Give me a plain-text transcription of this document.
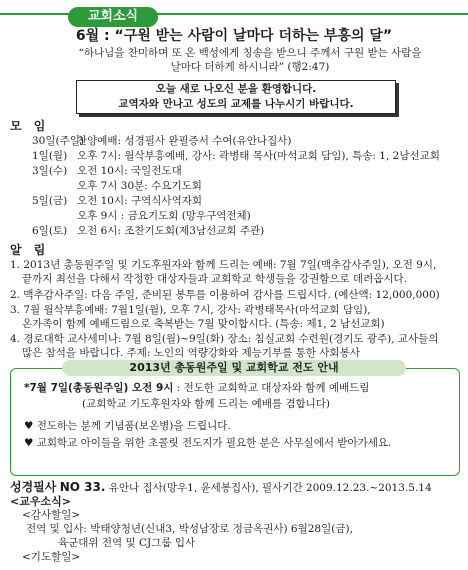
교회소식
6월 : “구원 받는 사람이 날마다 더하는 부흥의 달”
“하나님을 찬미하며 또 온 백성에게 칭송을 받으니 주께서 구원 받는 사람을
날마다 더하게 하시니라” (행2:47)
오늘 새로 나오신 분을 환영합니다.
교역자와 만나고 성도의 교제를 나누시기 바랍니다.
모 임
30일(주일)찬양예배: 성경필사 완필증서 수여(유안나집사)
1일(월) 오후 7시: 월삭부흥예배, 강사: 곽병태 목사(마석교회 담임), 특송: 1, 2남선교회
3일(수) 오전 10시: 국일전도대
오후 7시 30분: 수요기도회
5일(금) 오전 10시: 구역식사역자회
오후 9시 : 금요기도회 (망우구역전체)
6일(토) 오전 6시: 조찬기도회(제3남선교회 주관)
알 림
1. 2013년 총동원주일 및 기도후원자와 함께 드리는 예배: 7월 7일(맥추감사주일), 오전 9시,
끝까지 최선을 다해서 작정한 대상자들과 교회학교 학생들을 강권함으로 데려옵시다.
2. 맥추감사주일: 다음 주일, 준비된 봉투를 이용하여 감사를 드립시다. (예산액: 12,000,000)
3. 7월 월삭부흥예배: 7월1일(월), 오후 7시, 강사: 곽병태목사(마석교회 담임),
온가족이 함께 예배드림으로 축복받는 7월 맞이합시다. (특송: 제1, 2 남선교회)
4. 경로대학 교사세미나: 7월 8일(월)~9일(화) 장소: 침실교회 수련원(경기도 광주), 교사들의
많은 참석을 바랍니다. 주제: 노인의 역량강화와 제능기부를 통한 사회봉사
2013년 총동원주일 및 교회학교 전도 안내
*7월 7일(총동원주일) 오전 9시 : 전도한 교회학교 대상자와 함께 예배드림
(교회학교 기도후원자와 함께 드리는 예배를 겸합니다)
♥ 전도하는 분께 기념품(보온병)을 드립니다.
♥ 교회학교 아이들을 위한 초콜릿 전도지가 필요한 분은 사무실에서 받아가세요.
성경필사 NO 33. 유안나 집사(망우1, 윤세봉집사), 필사기간 2009.12.23.~2013.5.14
<교우소식>
<감사할일>
전역 및 입사: 박태양청년(신내3, 박성남장로 정금옥권사) 6월28일(금),
육군대위 전역 및 CJ그룹 입사
<기도할일>
